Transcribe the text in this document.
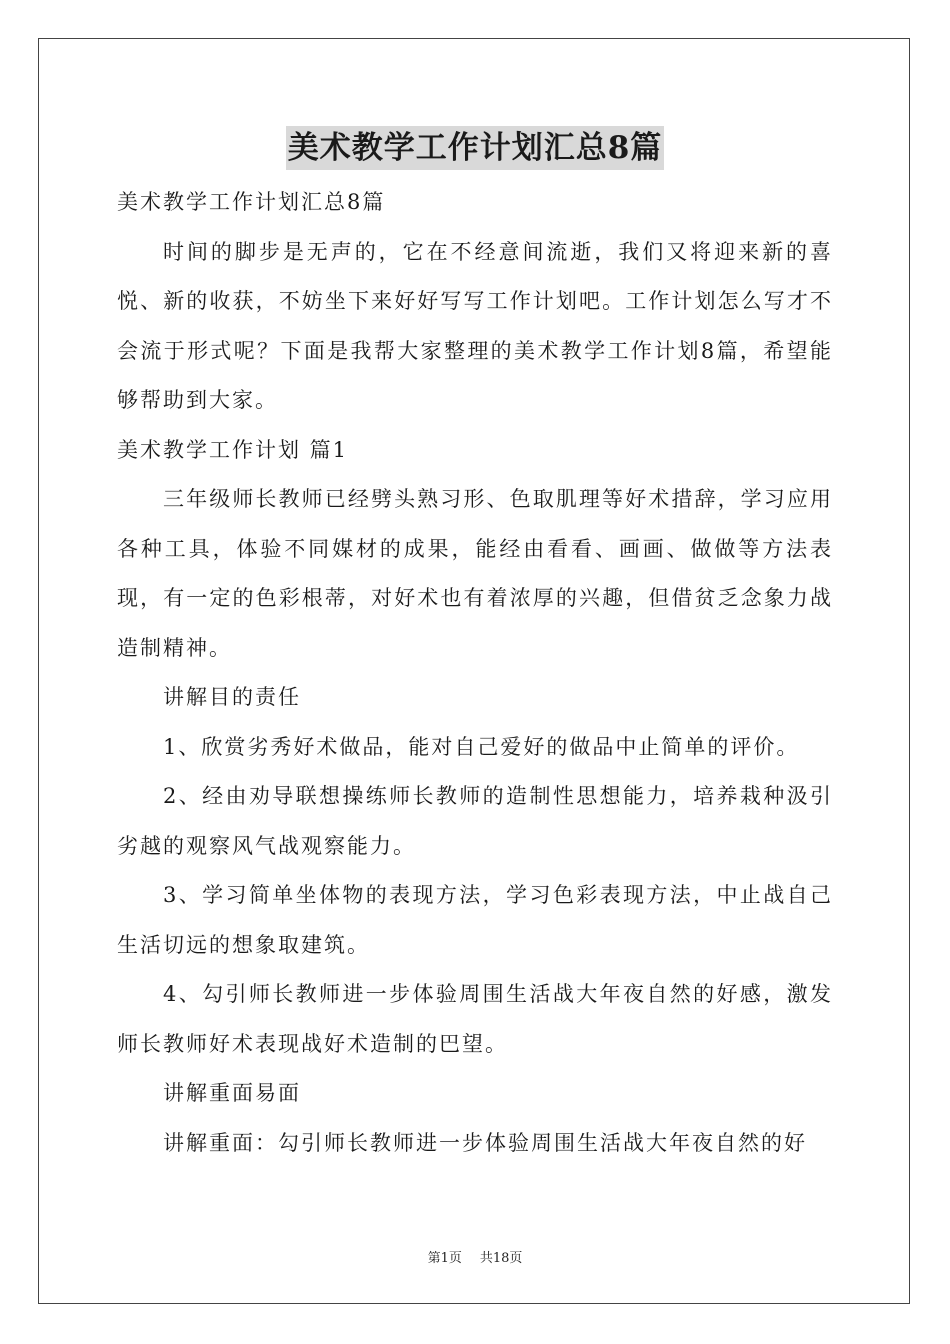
美术教学工作计划汇总8篇

美术教学工作计划汇总8篇

时间的脚步是无声的，它在不经意间流逝，我们又将迎来新的喜悦、新的收获，不妨坐下来好好写写工作计划吧。工作计划怎么写才不会流于形式呢？下面是我帮大家整理的美术教学工作计划8篇，希望能够帮助到大家。

美术教学工作计划 篇1

三年级师长教师已经劈头熟习形、色取肌理等好术措辞，学习应用各种工具，体验不同媒材的成果，能经由看看、画画、做做等方法表现，有一定的色彩根蒂，对好术也有着浓厚的兴趣，但借贫乏念象力战造制精神。

讲解目的责任

1、欣赏劣秀好术做品，能对自己爱好的做品中止简单的评价。

2、经由劝导联想操练师长教师的造制性思想能力，培养栽种汲引劣越的观察风气战观察能力。

3、学习简单坐体物的表现方法，学习色彩表现方法，中止战自己生活切远的想象取建筑。

4、勾引师长教师进一步体验周围生活战大年夜自然的好感，激发师长教师好术表现战好术造制的巴望。

讲解重面易面

讲解重面：勾引师长教师进一步体验周围生活战大年夜自然的好

第1页 共18页
